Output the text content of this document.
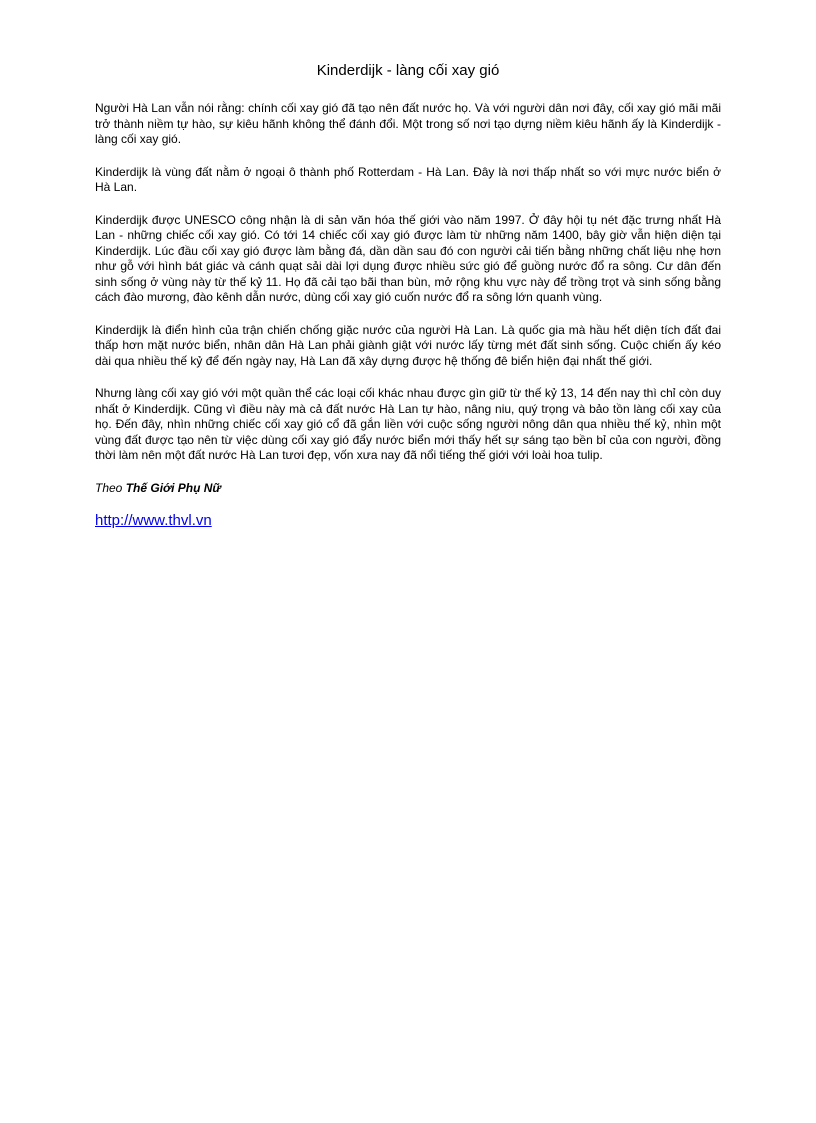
Kinderdijk - làng cối xay gió

Người Hà Lan vẫn nói rằng: chính cối xay gió đã tạo nên đất nước họ. Và với người dân nơi đây, cối xay gió mãi mãi trở thành niềm tự hào, sự kiêu hãnh không thể đánh đổi. Một trong số nơi tạo dựng niềm kiêu hãnh ấy là Kinderdijk - làng cối xay gió.

Kinderdijk là vùng đất nằm ở ngoại ô thành phố Rotterdam - Hà Lan. Đây là nơi thấp nhất so với mực nước biển ở Hà Lan.

Kinderdijk được UNESCO công nhận là di sản văn hóa thế giới vào năm 1997. Ở đây hội tụ nét đặc trưng nhất Hà Lan - những chiếc cối xay gió. Có tới 14 chiếc cối xay gió được làm từ những năm 1400, bây giờ vẫn hiện diện tại Kinderdijk. Lúc đầu cối xay gió được làm bằng đá, dần dần sau đó con người cải tiến bằng những chất liệu nhẹ hơn như gỗ với hình bát giác và cánh quạt sải dài lợi dụng được nhiều sức gió để guồng nước đổ ra sông. Cư dân đến sinh sống ở vùng này từ thế kỷ 11. Họ đã cải tạo bãi than bùn, mở rộng khu vực này để trồng trọt và sinh sống bằng cách đào mương, đào kênh dẫn nước, dùng cối xay gió cuốn nước đổ ra sông lớn quanh vùng.

Kinderdijk là điển hình của trận chiến chống giặc nước của người Hà Lan. Là quốc gia mà hầu hết diện tích đất đai thấp hơn mặt nước biển, nhân dân Hà Lan phải giành giật với nước lấy từng mét đất sinh sống. Cuộc chiến ấy kéo dài qua nhiều thế kỷ để đến ngày nay, Hà Lan đã xây dựng được hệ thống đê biển hiện đại nhất thế giới.

Nhưng làng cối xay gió với một quần thể các loại cối khác nhau được gìn giữ từ thế kỷ 13, 14 đến nay thì chỉ còn duy nhất ở Kinderdijk. Cũng vì điều này mà cả đất nước Hà Lan tự hào, nâng niu, quý trọng và bảo tồn làng cối xay của họ. Đến đây, nhìn những chiếc cối xay gió cổ đã gắn liền với cuộc sống người nông dân qua nhiều thế kỷ, nhìn một vùng đất được tạo nên từ việc dùng cối xay gió đẩy nước biển mới thấy hết sự sáng tạo bền bỉ của con người, đồng thời làm nên một đất nước Hà Lan tươi đẹp, vốn xưa nay đã nổi tiếng thế giới với loài hoa tulip.

Theo Thế Giới Phụ Nữ

http://www.thvl.vn
